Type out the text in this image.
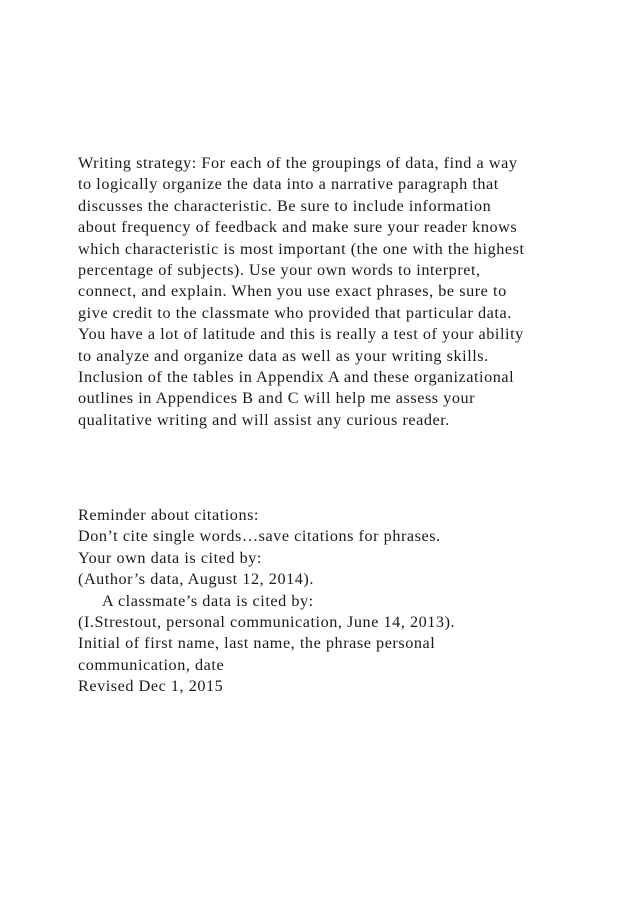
Writing strategy: For each of the groupings of data, find a way
to logically organize the data into a narrative paragraph that
discusses the characteristic. Be sure to include information
about frequency of feedback and make sure your reader knows
which characteristic is most important (the one with the highest
percentage of subjects). Use your own words to interpret,
connect, and explain. When you use exact phrases, be sure to
give credit to the classmate who provided that particular data.
You have a lot of latitude and this is really a test of your ability
to analyze and organize data as well as your writing skills.
Inclusion of the tables in Appendix A and these organizational
outlines in Appendices B and C will help me assess your
qualitative writing and will assist any curious reader.

Reminder about citations:
Don’t cite single words…save citations for phrases.
Your own data is cited by:
(Author’s data, August 12, 2014).
A classmate’s data is cited by:
(I.Strestout, personal communication, June 14, 2013).
Initial of first name, last name, the phrase personal
communication, date
Revised Dec 1, 2015
